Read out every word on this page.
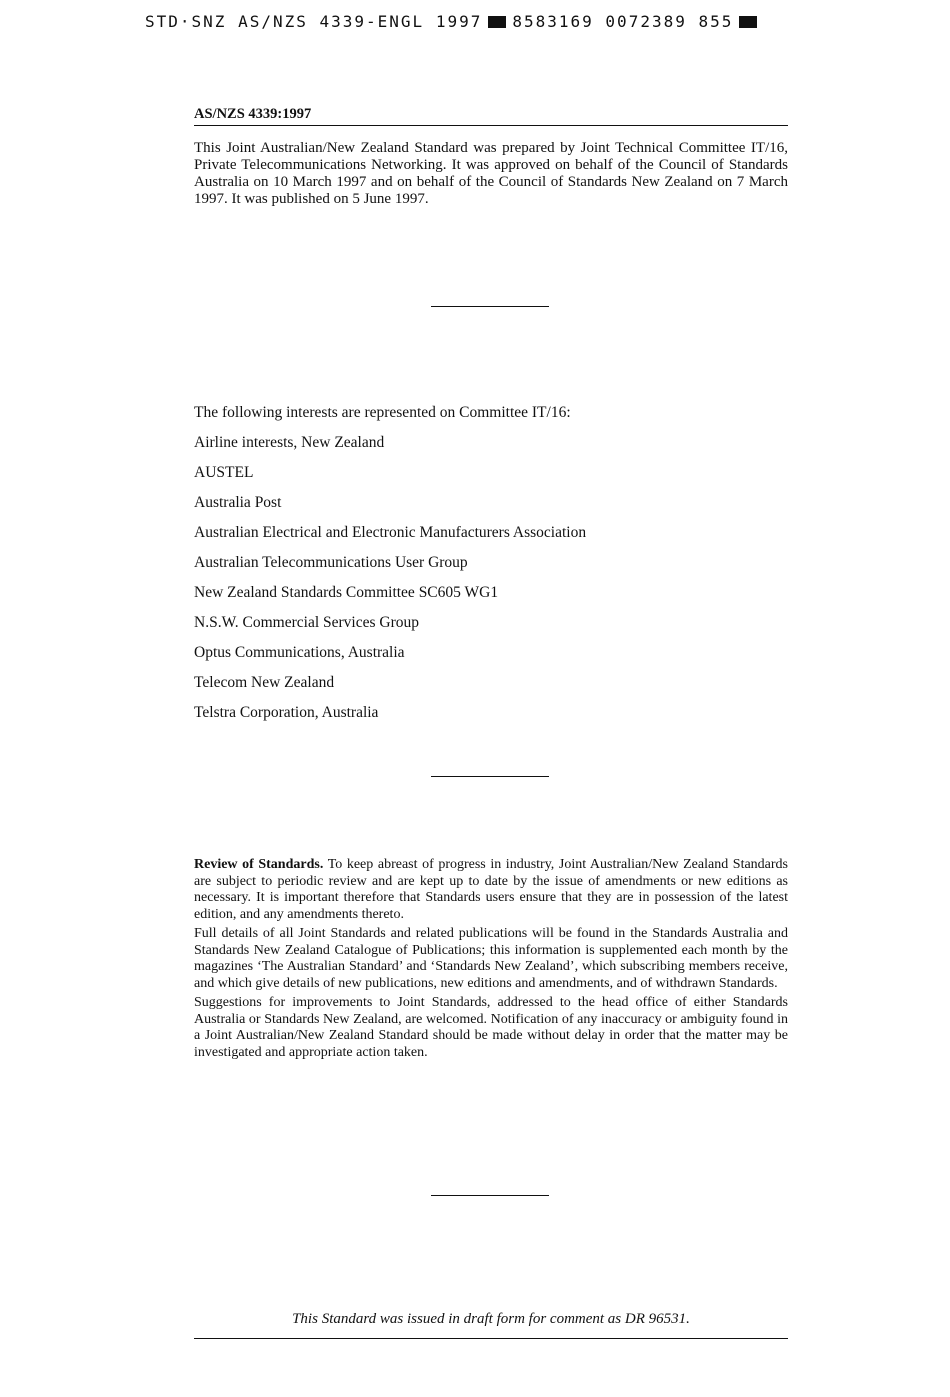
STD·SNZ AS/NZS 4339-ENGL 1997 8583169 0072389 855
AS/NZS 4339:1997

This Joint Australian/New Zealand Standard was prepared by Joint Technical Committee IT/16, Private Telecommunications Networking. It was approved on behalf of the Council of Standards Australia on 10 March 1997 and on behalf of the Council of Standards New Zealand on 7 March 1997. It was published on 5 June 1997.

The following interests are represented on Committee IT/16:
Airline interests, New Zealand
AUSTEL
Australia Post
Australian Electrical and Electronic Manufacturers Association
Australian Telecommunications User Group
New Zealand Standards Committee SC605 WG1
N.S.W. Commercial Services Group
Optus Communications, Australia
Telecom New Zealand
Telstra Corporation, Australia

Review of Standards. To keep abreast of progress in industry, Joint Australian/New Zealand Standards are subject to periodic review and are kept up to date by the issue of amendments or new editions as necessary. It is important therefore that Standards users ensure that they are in possession of the latest edition, and any amendments thereto.

Full details of all Joint Standards and related publications will be found in the Standards Australia and Standards New Zealand Catalogue of Publications; this information is supplemented each month by the magazines ‘The Australian Standard’ and ‘Standards New Zealand’, which subscribing members receive, and which give details of new publications, new editions and amendments, and of withdrawn Standards.

Suggestions for improvements to Joint Standards, addressed to the head office of either Standards Australia or Standards New Zealand, are welcomed. Notification of any inaccuracy or ambiguity found in a Joint Australian/New Zealand Standard should be made without delay in order that the matter may be investigated and appropriate action taken.

This Standard was issued in draft form for comment as DR 96531.
